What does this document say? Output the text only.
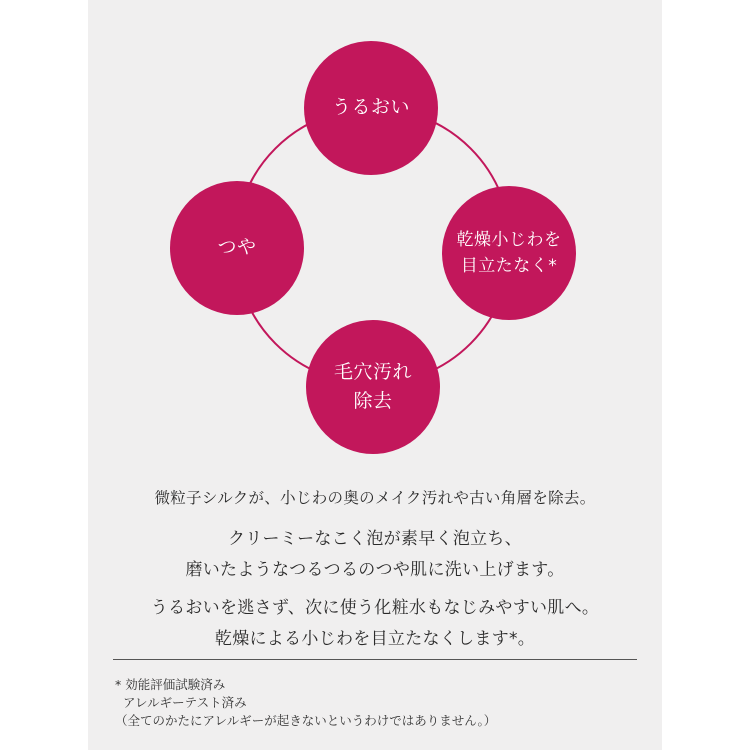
うるおい
つや	乾燥小じわを
目立たなく*
毛穴汚れ
除去
微粒子シルクが、小じわの奥のメイク汚れや古い角層を除去。
クリーミーなこく泡が素早く泡立ち、
磨いたようなつるつるのつや肌に洗い上げます。
うるおいを逃さず、次に使う化粧水もなじみやすい肌へ。
乾燥による小じわを目立たなくします*。
* 効能評価試験済み
アレルギーテスト済み
（全てのかたにアレルギーが起きないというわけではありません。）
